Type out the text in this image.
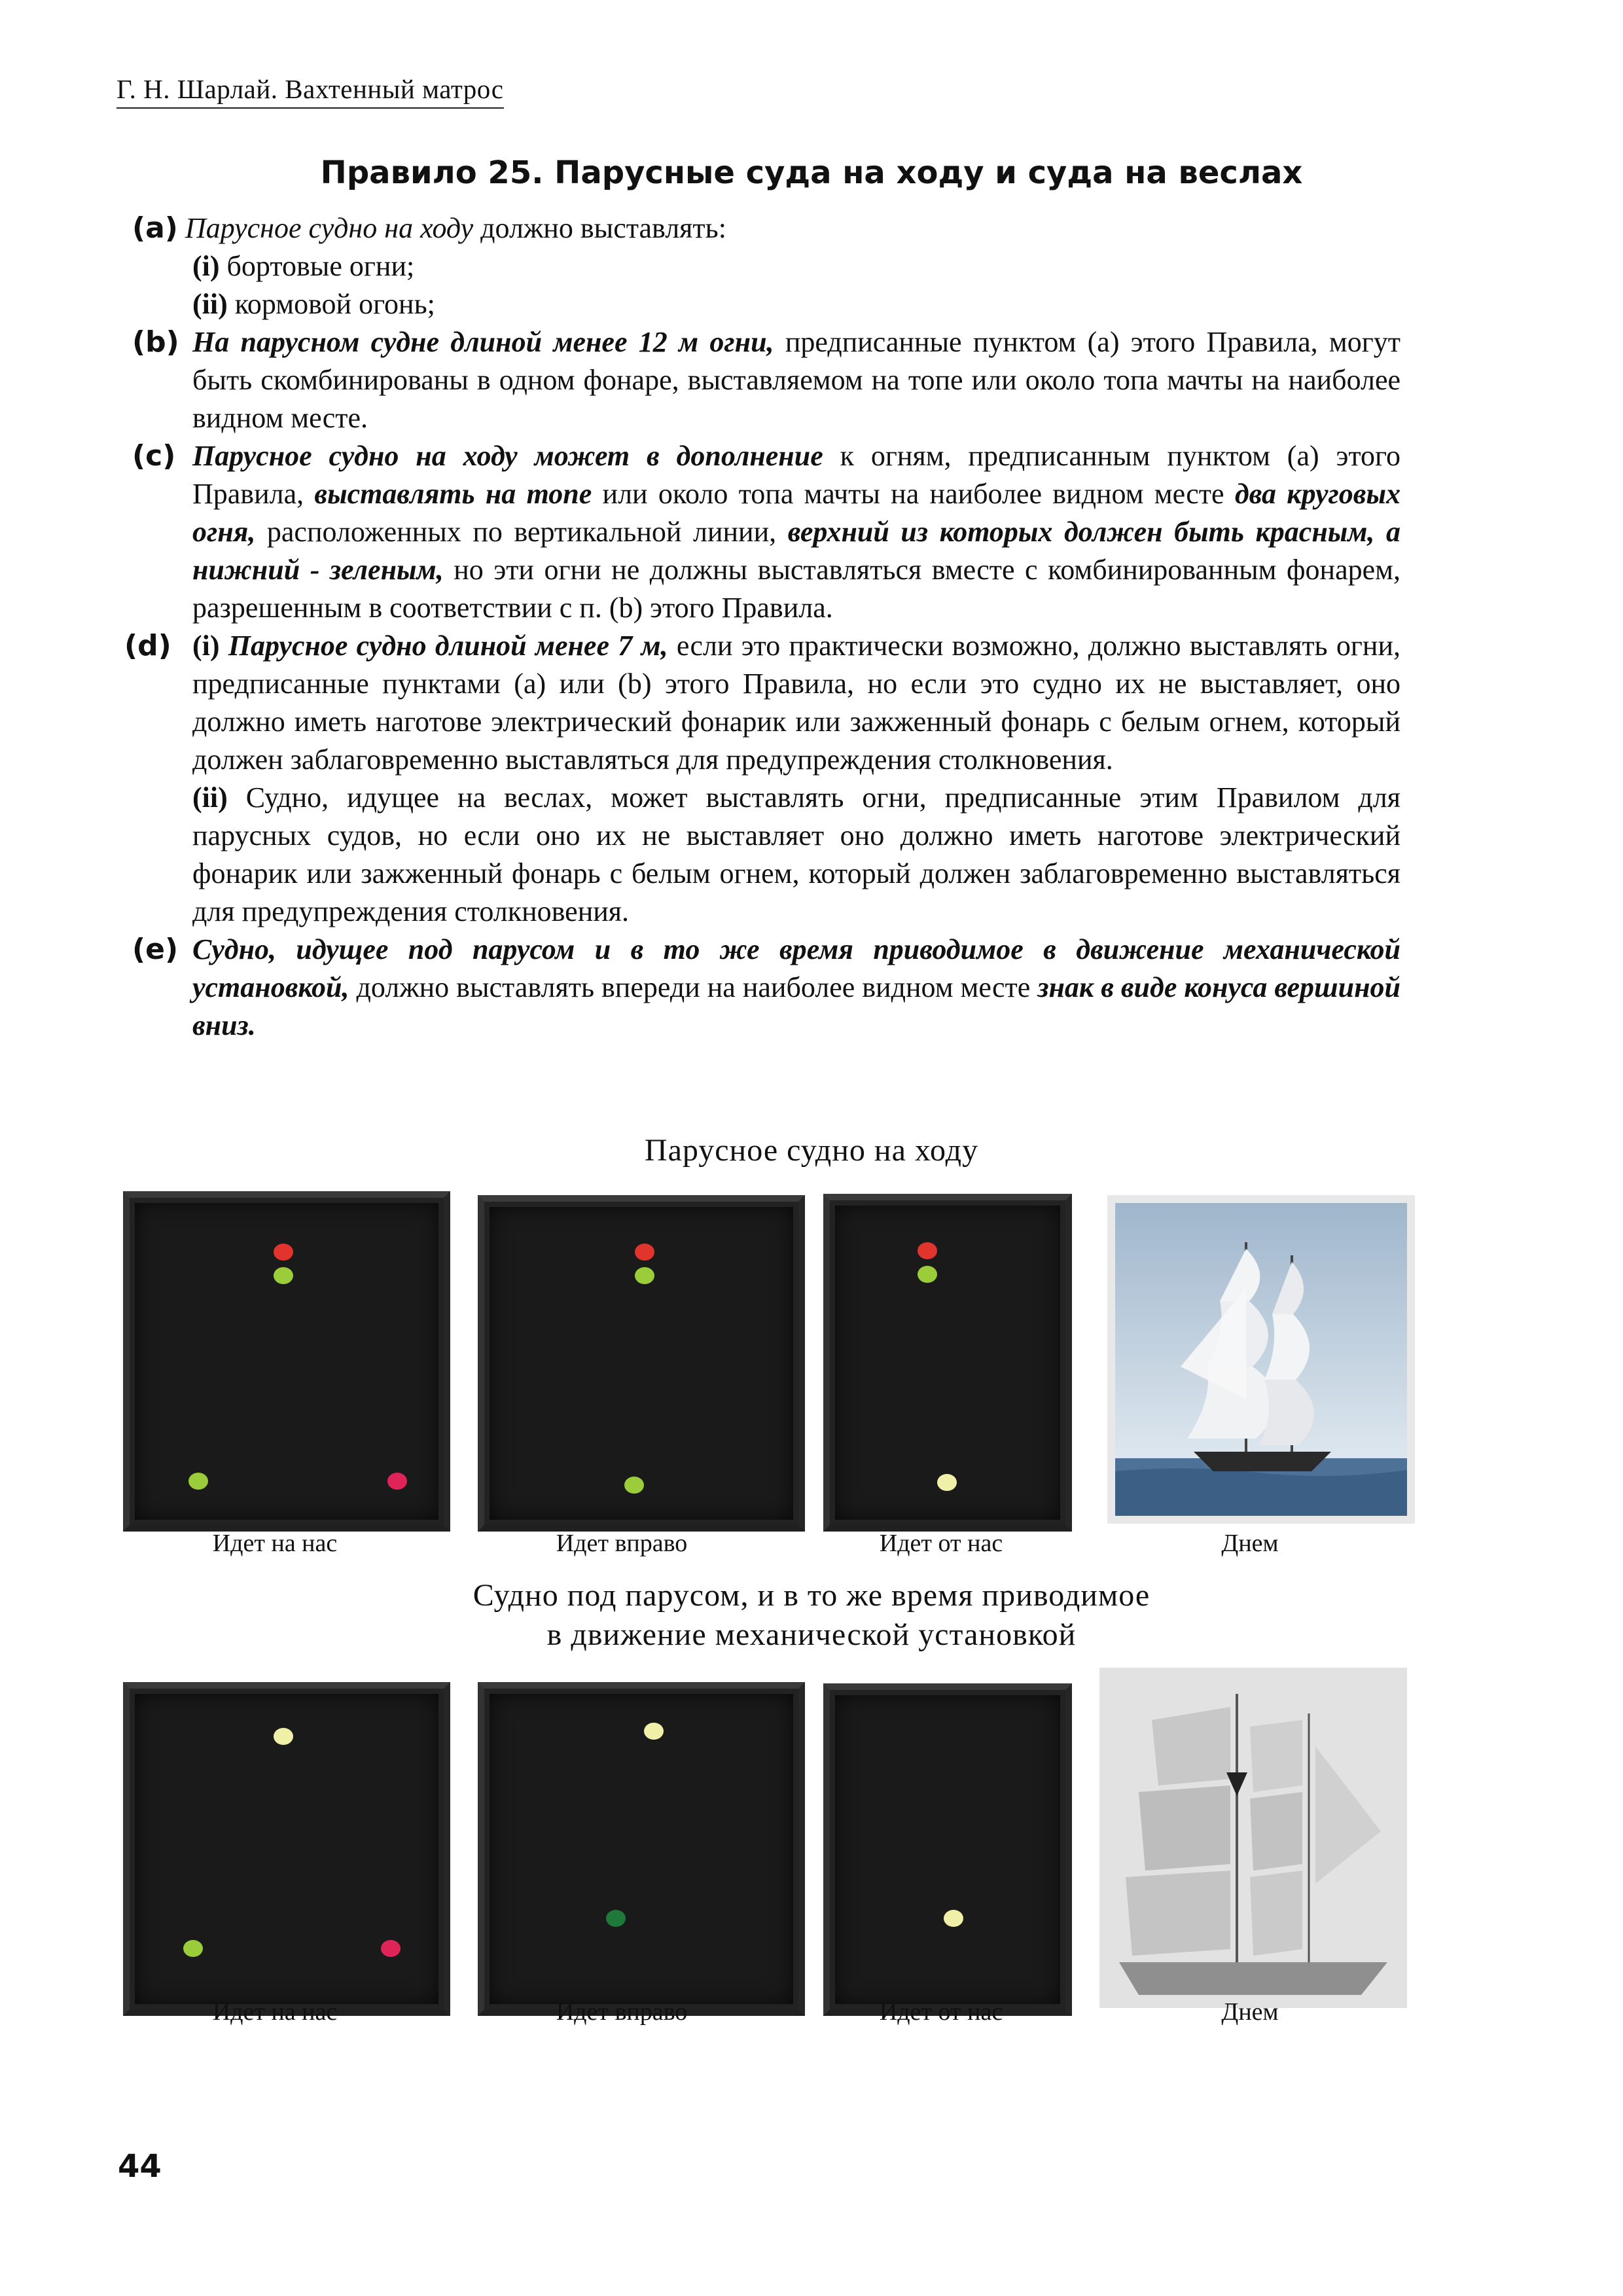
Г. Н. Шарлай. Вахтенный матрос
Правило 25. Парусные суда на ходу и суда на веслах
(a) Парусное судно на ходу должно выставлять:
(i) бортовые огни;
(ii) кормовой огонь;
(b) На парусном судне длиной менее 12 м огни, предписанные пунктом (а) этого Правила, могут быть скомбинированы в одном фонаре, выставляемом на топе или около топа мачты на наиболее видном месте.
(c) Парусное судно на ходу может в дополнение к огням, предписанным пунктом (а) этого Правила, выставлять на топе или около топа мачты на наиболее видном месте два круговых огня, расположенных по вертикальной линии, верхний из которых должен быть красным, а нижний - зеленым, но эти огни не должны выставляться вместе с комбинированным фонарем, разрешенным в соответствии с п. (b) этого Правила.
(d) (i) Парусное судно длиной менее 7 м, если это практически возможно, должно выставлять огни, предписанные пунктами (а) или (b) этого Правила, но если это судно их не выставляет, оно должно иметь наготове электрический фонарик или зажженный фонарь с белым огнем, который должен заблаговременно выставляться для предупреждения столкновения.
(ii) Судно, идущее на веслах, может выставлять огни, предписанные этим Правилом для парусных судов, но если оно их не выставляет оно должно иметь наготове электрический фонарик или зажженный фонарь с белым огнем, который должен заблаговременно выставляться для предупреждения столкновения.
(e) Судно, идущее под парусом и в то же время приводимое в движение механической установкой, должно выставлять впереди на наиболее видном месте знак в виде конуса вершиной вниз.
Парусное судно на ходу
Идет на нас	Идет вправо	Идет от нас	Днем
Судно под парусом, и в то же время приводимое
в движение механической установкой
Идет на нас	Идет вправо	Идет от нас	Днем
44
